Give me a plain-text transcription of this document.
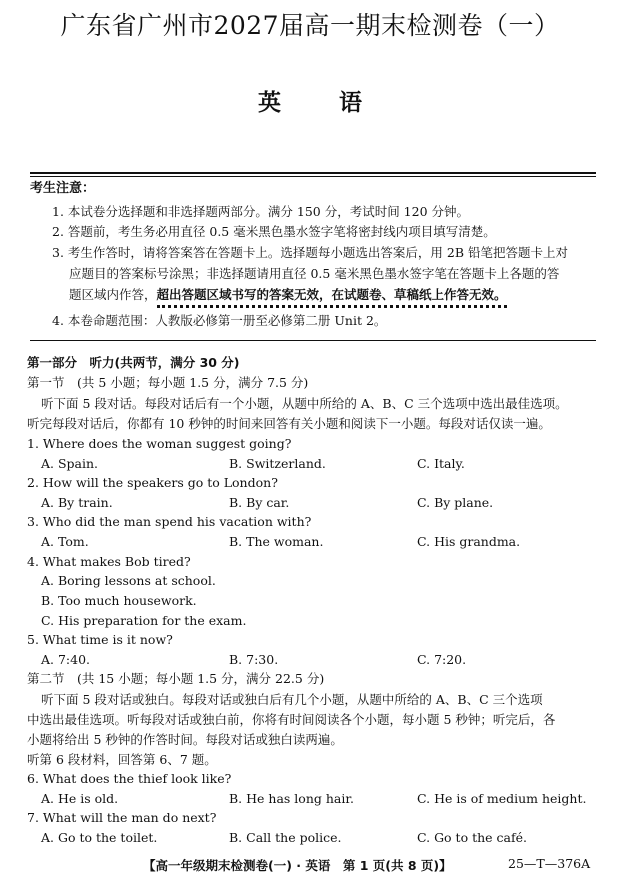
广东省广州市2027届高一期末检测卷（一）
英	语
考生注意：
1. 本试卷分选择题和非选择题两部分。满分 150 分，考试时间 120 分钟。
2. 答题前，考生务必用直径 0.5 毫米黑色墨水签字笔将密封线内项目填写清楚。
3. 考生作答时，请将答案答在答题卡上。选择题每小题选出答案后，用 2B 铅笔把答题卡上对
应题目的答案标号涂黑；非选择题请用直径 0.5 毫米黑色墨水签字笔在答题卡上各题的答
题区域内作答，超出答题区域书写的答案无效，在试题卷、草稿纸上作答无效。
4. 本卷命题范围：人教版必修第一册至必修第二册 Unit 2。
第一部分　听力(共两节，满分 30 分)
第一节　(共 5 小题；每小题 1.5 分，满分 7.5 分)
听下面 5 段对话。每段对话后有一个小题，从题中所给的 A、B、C 三个选项中选出最佳选项。
听完每段对话后，你都有 10 秒钟的时间来回答有关小题和阅读下一小题。每段对话仅读一遍。
1. Where does the woman suggest going?
A. Spain.	B. Switzerland.	C. Italy.
2. How will the speakers go to London?
A. By train.	B. By car.	C. By plane.
3. Who did the man spend his vacation with?
A. Tom.	B. The woman.	C. His grandma.
4. What makes Bob tired?
A. Boring lessons at school.
B. Too much housework.
C. His preparation for the exam.
5. What time is it now?
A. 7:40.	B. 7:30.	C. 7:20.
第二节　(共 15 小题；每小题 1.5 分，满分 22.5 分)
听下面 5 段对话或独白。每段对话或独白后有几个小题，从题中所给的 A、B、C 三个选项
中选出最佳选项。听每段对话或独白前，你将有时间阅读各个小题，每小题 5 秒钟；听完后，各
小题将给出 5 秒钟的作答时间。每段对话或独白读两遍。
听第 6 段材料，回答第 6、7 题。
6. What does the thief look like?
A. He is old.	B. He has long hair.	C. He is of medium height.
7. What will the man do next?
A. Go to the toilet.	B. Call the police.	C. Go to the café.
【高一年级期末检测卷(一) · 英语　第 1 页(共 8 页)】	25—T—376A
